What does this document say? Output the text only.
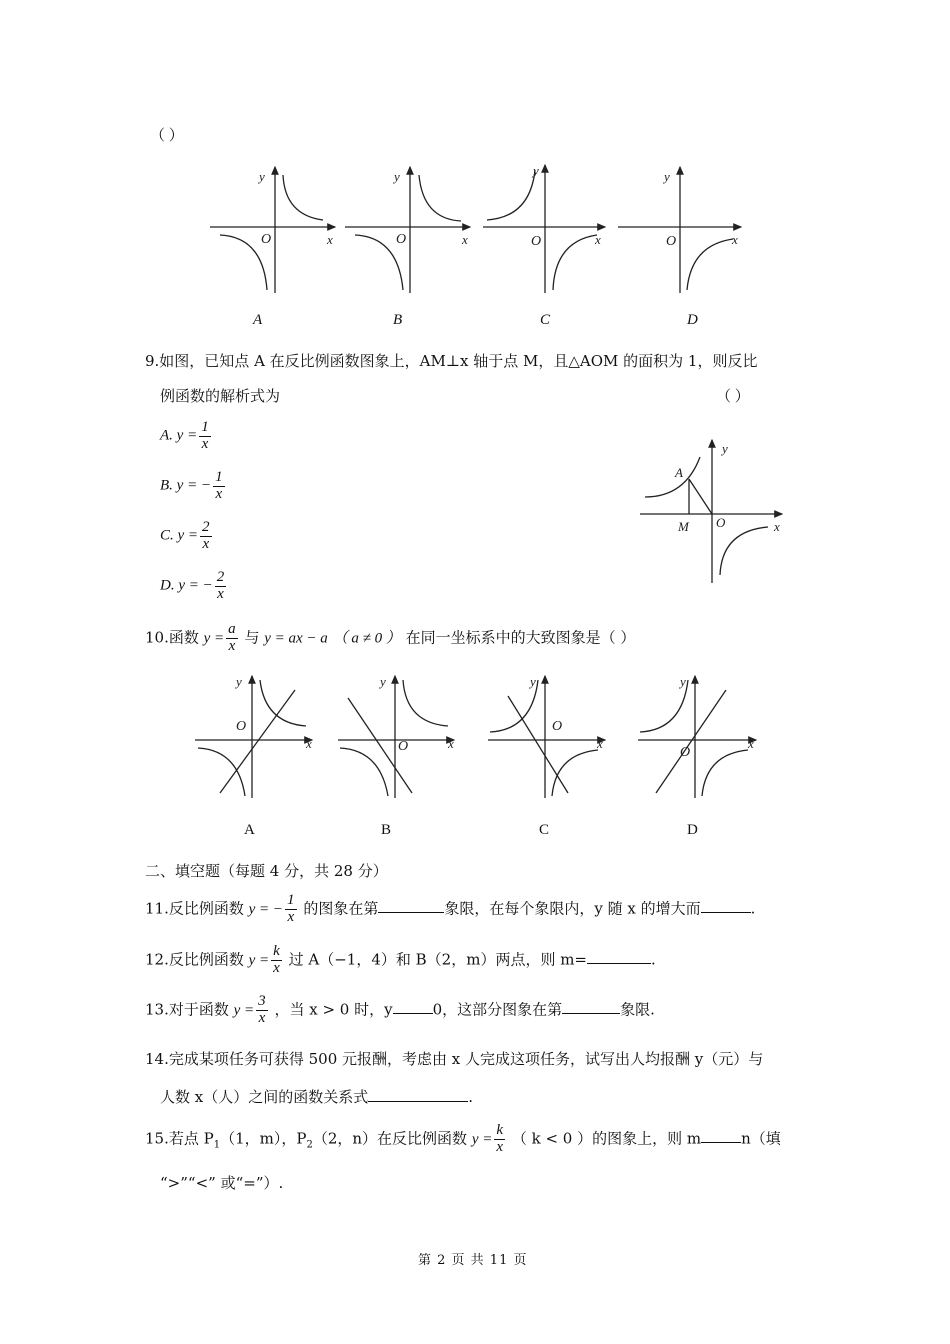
（ ）
y
O	x
y
O	x
y
O	x
y
O	x
A	B	C	D
9.如图，已知点 A 在反比例函数图象上，AM⊥x 轴于点 M，且△AOM 的面积为 1，则反比
例函数的解析式为	（ ）
A. $y = \frac{1}{x}$
B. y = − $\frac{1}{x}$
C. $y = \frac{2}{x}$
D. y = − $\frac{2}{x}$
A
M O	x
y
10.函数 $y = \frac{a}{x}$ 与 y = ax − a （ a ≠ 0 ） 在同一坐标系中的大致图象是（ ）
y
O
x
y
O	x
y
O
x
y
O
x
A	B	C	D
二、填空题（每题 4 分，共 28 分）
11.反比例函数 y = − $\frac{1}{x}$ 的图象在第	象限，在每个象限内，y 随 x 的增大而	.
12.反比例函数 $y = \frac{k}{x}$ 过 A（−1，4）和 B（2，m）两点，则 m=	.
13.对于函数 $y = \frac{3}{x}$ ，当 x > 0 时，y	0，这部分图象在第	象限.
14.完成某项任务可获得 500 元报酬，考虑由 x 人完成这项任务，试写出人均报酬 y（元）与
人数 x（人）之间的函数关系式	.
15.若点 $P_1(1$，m），$P_2(2$，n）在反比例函数 $y = \frac{k}{x}$ （ k < 0 ）的图象上，则 m	n（填
“>”“<” 或“=”）.
第 2 页 共 11 页
